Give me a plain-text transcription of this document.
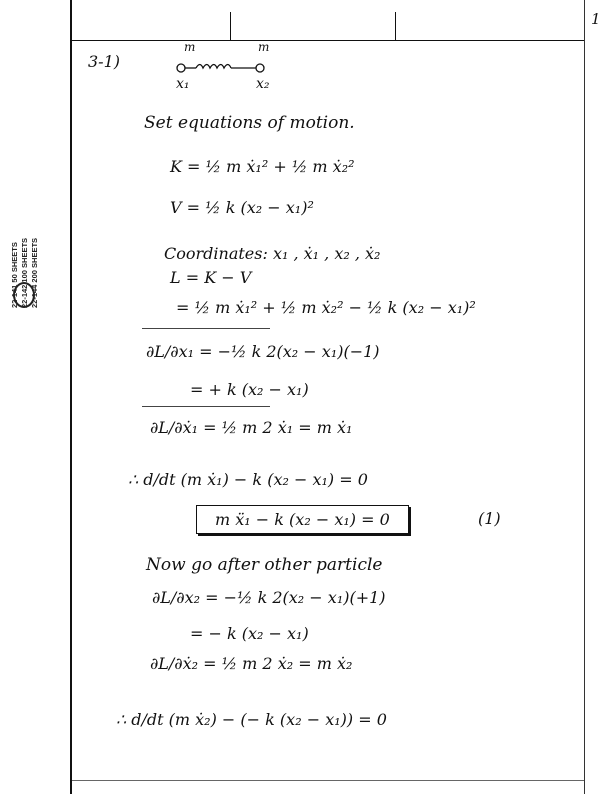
1
22-141 50 SHEETS 22-142 100 SHEETS 22-144 200 SHEETS
3-1)
m	m
x₁	x₂
Set equations of motion.
K = ½ m ẋ₁² + ½ m ẋ₂²
V = ½ k (x₂ − x₁)²
Coordinates: x₁ , ẋ₁ , x₂ , ẋ₂
L = K − V
= ½ m ẋ₁² + ½ m ẋ₂² − ½ k (x₂ − x₁)²
∂L/∂x₁ = −½ k 2(x₂ − x₁)(−1)
= + k (x₂ − x₁)
∂L/∂ẋ₁ = ½ m 2 ẋ₁ = m ẋ₁
∴ d/dt (m ẋ₁) − k (x₂ − x₁) = 0
m ẍ₁ − k (x₂ − x₁) = 0	(1)
Now go after other particle
∂L/∂x₂ = −½ k 2(x₂ − x₁)(+1)
= − k (x₂ − x₁)
∂L/∂ẋ₂ = ½ m 2 ẋ₂ = m ẋ₂
∴ d/dt (m ẋ₂) − (− k (x₂ − x₁)) = 0
